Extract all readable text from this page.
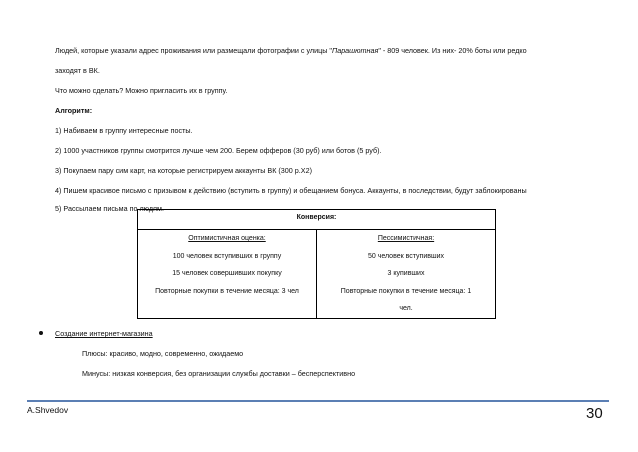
Людей, которые указали адрес проживания или размещали фотографии с улицы "Парашютная" - 809 человек. Из них- 20% боты или редко
заходят в ВК.
Что можно сделать? Можно пригласить их в группу.
Алгоритм:
1) Набиваем в группу интересные посты.
2) 1000 участников группы смотрится лучше чем 200. Берем офферов (30 руб) или ботов (5 руб).
3) Покупаем пару сим карт, на которые регистрируем аккаунты ВК (300 р.Х2)
4) Пишем красивое письмо с призывом к действию (вступить в группу) и обещанием бонуса. Аккаунты, в последствии, будут заблокированы
5) Рассылаем письма по людям.
Конверсия:

Оптимистичная оценка:
100 человек вступивших в группу
15 человек совершивших покупку
Повторные покупки в течение месяца: 3 чел

Пессимистичная:
50 человек вступивших
3 купивших
Повторные покупки в течение месяца: 1
чел.
Создание интернет-магазина
Плюсы: красиво, модно, современно, ожидаемо
Минусы: низкая конверсия, без организации службы доставки – бесперспективно
A.Shvedov	30
